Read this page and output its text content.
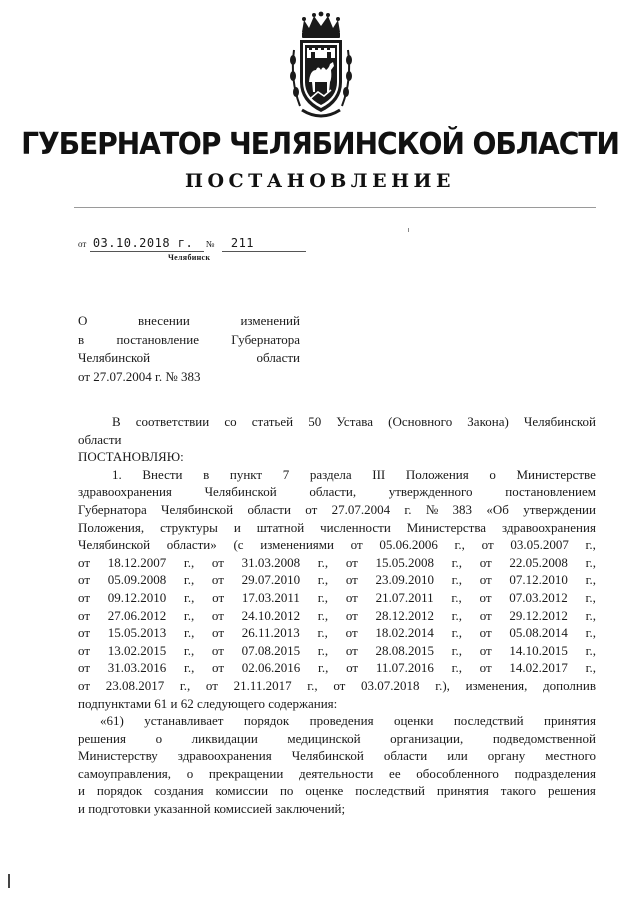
ГУБЕРНАТОР ЧЕЛЯБИНСКОЙ ОБЛАСТИ
ПОСТАНОВЛЕНИЕ
от 03.10.2018 г. № 211
Челябинск
О	внесении	изменений
в постановление Губернатора
Челябинской	области
от 27.07.2004 г. № 383
В соответствии со статьей 50 Устава (Основного Закона) Челябинской
области
ПОСТАНОВЛЯЮ:
1. Внести в пункт 7 раздела III Положения о Министерстве
здравоохранения	Челябинской	области,	утвержденного	постановлением
Губернатора Челябинской области от 27.07.2004 г. № 383 «Об утверждении
Положения, структуры и штатной численности Министерства здравоохранения
Челябинской области» (с изменениями от 05.06.2006 г., от 03.05.2007 г.,
от 18.12.2007 г., от 31.03.2008 г., от 15.05.2008 г., от 22.05.2008 г.,
от 05.09.2008 г., от 29.07.2010 г., от 23.09.2010 г., от 07.12.2010 г.,
от 09.12.2010 г., от 17.03.2011 г., от 21.07.2011 г., от 07.03.2012 г.,
от 27.06.2012 г., от 24.10.2012 г., от 28.12.2012 г., от 29.12.2012 г.,
от 15.05.2013 г., от 26.11.2013 г., от 18.02.2014 г., от 05.08.2014 г.,
от 13.02.2015 г., от 07.08.2015 г., от 28.08.2015 г., от 14.10.2015 г.,
от 31.03.2016 г., от 02.06.2016 г., от 11.07.2016 г., от 14.02.2017 г.,
от 23.08.2017 г., от 21.11.2017 г., от 03.07.2018 г.), изменения, дополнив
подпунктами 61 и 62 следующего содержания:
«61) устанавливает порядок проведения оценки последствий принятия
решения о ликвидации медицинской организации, подведомственной
Министерству здравоохранения Челябинской области или органу местного
самоуправления, о прекращении деятельности ее обособленного подразделения
и порядок создания комиссии по оценке последствий принятия такого решения
и подготовки указанной комиссией заключений;
